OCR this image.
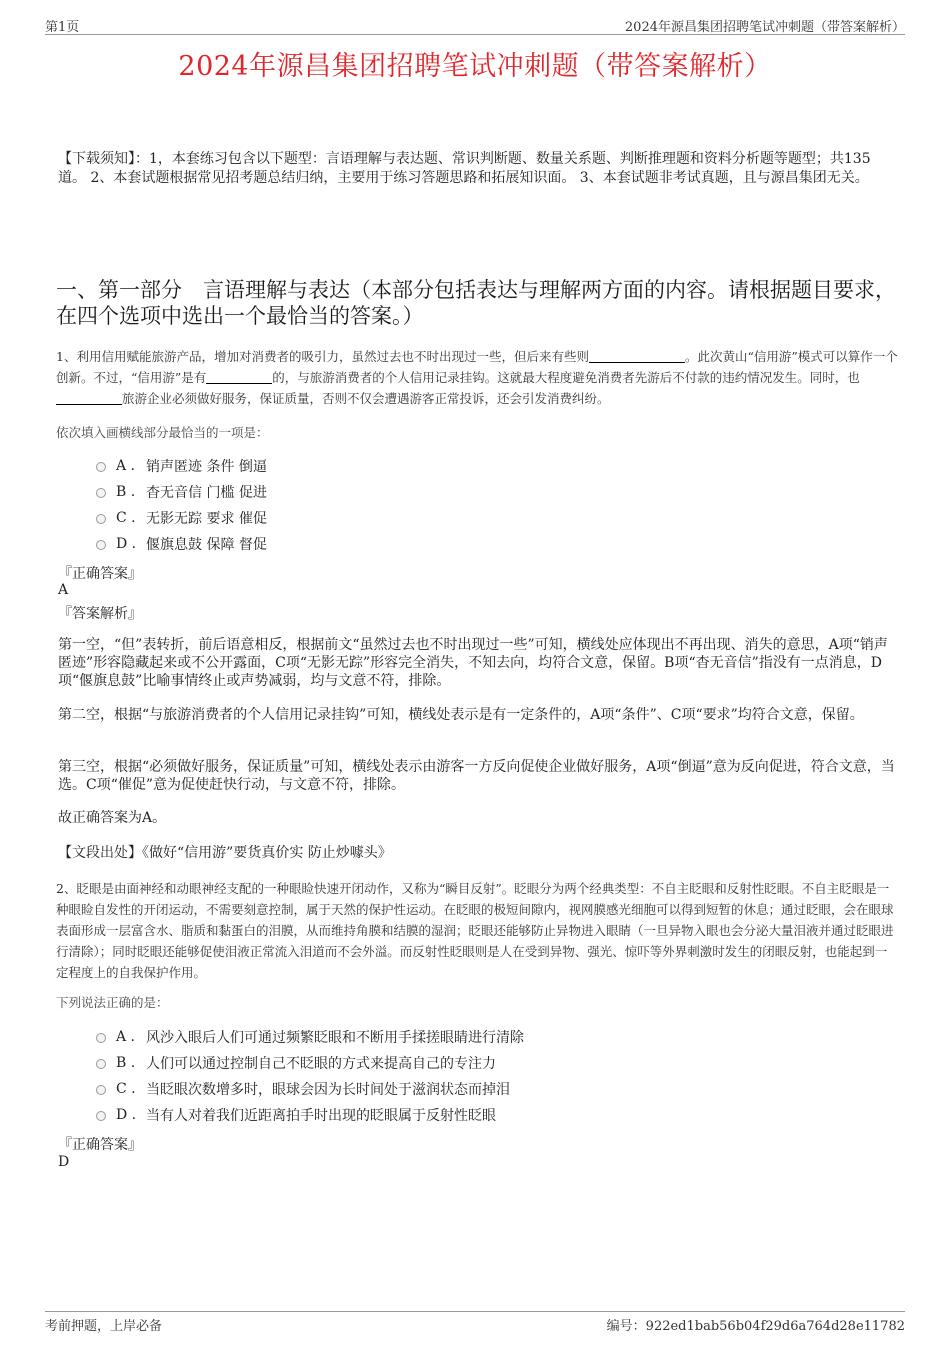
第1页	2024年源昌集团招聘笔试冲刺题（带答案解析）
2024年源昌集团招聘笔试冲刺题（带答案解析）
【下载须知】：1，本套练习包含以下题型：言语理解与表达题、常识判断题、数量关系题、判断推理题和资料分析题等题型；共135道。 2、本套试题根据常见招考题总结归纳，主要用于练习答题思路和拓展知识面。 3、本套试题非考试真题，且与源昌集团无关。
一、第一部分　言语理解与表达（本部分包括表达与理解两方面的内容。请根据题目要求，在四个选项中选出一个最恰当的答案。）
1、利用信用赋能旅游产品，增加对消费者的吸引力，虽然过去也不时出现过一些，但后来有些则	。此次黄山“信用游”模式可以算作一个创新。不过，“信用游”是有	的，与旅游消费者的个人信用记录挂钩。这就最大程度避免消费者先游后不付款的违约情况发生。同时，也旅游企业必须做好服务，保证质量，否则不仅会遭遇游客正常投诉，还会引发消费纠纷。
依次填入画横线部分最恰当的一项是：
A . 销声匿迹 条件 倒逼
B . 杳无音信 门槛 促进
C . 无影无踪 要求 催促
D . 偃旗息鼓 保障 督促
『正确答案』
A
『答案解析』
第一空，“但”表转折，前后语意相反，根据前文“虽然过去也不时出现过一些”可知，横线处应体现出不再出现、消失的意思，A项“销声匿迹”形容隐藏起来或不公开露面，C项“无影无踪”形容完全消失，不知去向，均符合文意，保留。B项“杳无音信”指没有一点消息，D项“偃旗息鼓”比喻事情终止或声势减弱，均与文意不符，排除。
第二空，根据“与旅游消费者的个人信用记录挂钩”可知，横线处表示是有一定条件的，A项“条件”、C项“要求”均符合文意，保留。
第三空，根据“必须做好服务，保证质量”可知，横线处表示由游客一方反向促使企业做好服务，A项“倒逼”意为反向促进，符合文意，当选。C项“催促”意为促使赶快行动，与文意不符，排除。
故正确答案为A。
【文段出处】《做好“信用游”要货真价实 防止炒噱头》
2、眨眼是由面神经和动眼神经支配的一种眼睑快速开闭动作，又称为“瞬目反射”。眨眼分为两个经典类型：不自主眨眼和反射性眨眼。不自主眨眼是一种眼睑自发性的开闭运动，不需要刻意控制，属于天然的保护性运动。在眨眼的极短间隙内，视网膜感光细胞可以得到短暂的休息；通过眨眼，会在眼球表面形成一层富含水、脂质和黏蛋白的泪膜，从而维持角膜和结膜的湿润；眨眼还能够防止异物进入眼睛（一旦异物入眼也会分泌大量泪液并通过眨眼进行清除）；同时眨眼还能够促使泪液正常流入泪道而不会外溢。而反射性眨眼则是人在受到异物、强光、惊吓等外界刺激时发生的闭眼反射，也能起到一定程度上的自我保护作用。
下列说法正确的是：
A . 风沙入眼后人们可通过频繁眨眼和不断用手揉搓眼睛进行清除
B . 人们可以通过控制自己不眨眼的方式来提高自己的专注力
C . 当眨眼次数增多时，眼球会因为长时间处于滋润状态而掉泪
D . 当有人对着我们近距离拍手时出现的眨眼属于反射性眨眼
『正确答案』
D
考前押题，上岸必备	编号：922ed1bab56b04f29d6a764d28e11782
